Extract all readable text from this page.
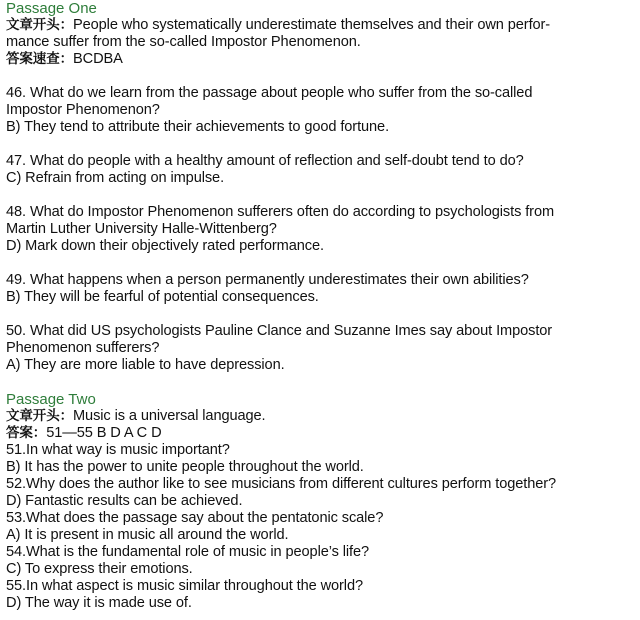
Passage One
文章开头：People who systematically underestimate themselves and their own perfor-
mance suffer from the so-called Impostor Phenomenon.
答案速查：BCDBA
46. What do we learn from the passage about people who suffer from the so-called
Impostor Phenomenon?
B) They tend to attribute their achievements to good fortune.
47. What do people with a healthy amount of reflection and self-doubt tend to do?
C) Refrain from acting on impulse.
48. What do Impostor Phenomenon sufferers often do according to psychologists from
Martin Luther University Halle-Wittenberg?
D) Mark down their objectively rated performance.
49. What happens when a person permanently underestimates their own abilities?
B) They will be fearful of potential consequences.
50. What did US psychologists Pauline Clance and Suzanne Imes say about Impostor
Phenomenon sufferers?
A) They are more liable to have depression.
Passage Two
文章开头：Music is a universal language.
答案：51—55 B D A C D
51.In what way is music important?
B) It has the power to unite people throughout the world.
52.Why does the author like to see musicians from different cultures perform together?
D) Fantastic results can be achieved.
53.What does the passage say about the pentatonic scale?
A) It is present in music all around the world.
54.What is the fundamental role of music in people’s life?
C) To express their emotions.
55.In what aspect is music similar throughout the world?
D) The way it is made use of.
